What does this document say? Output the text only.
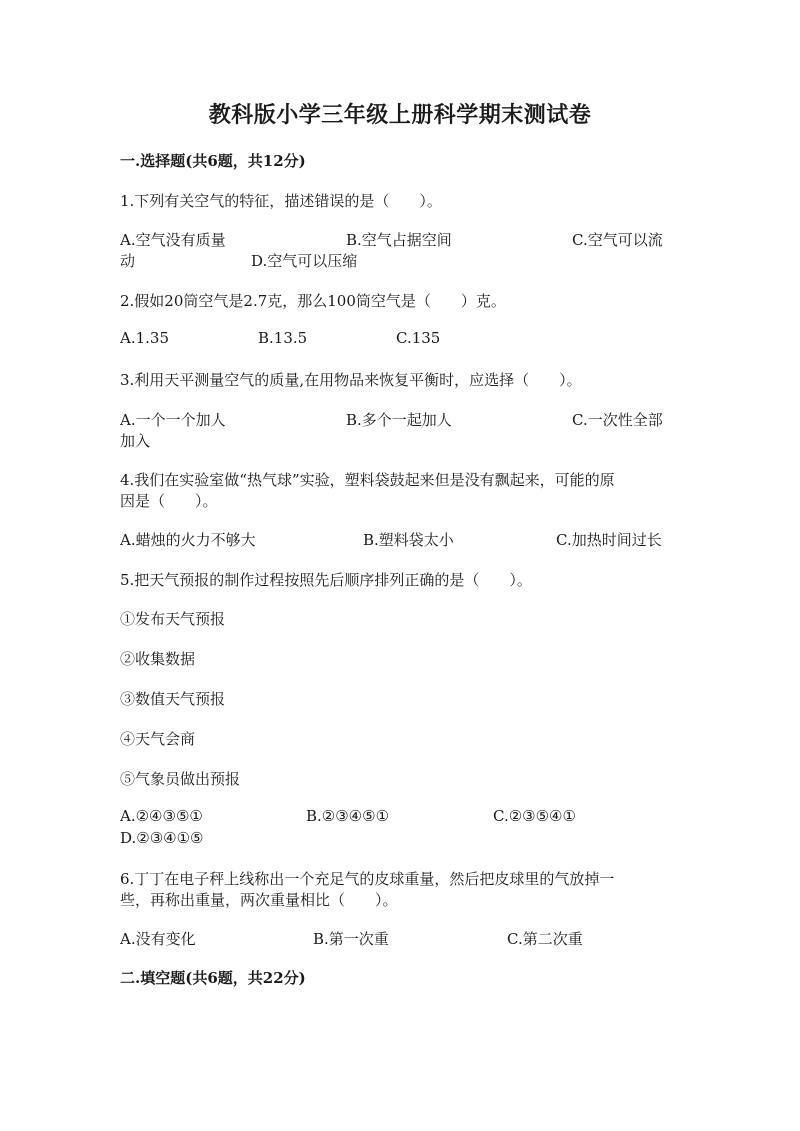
教科版小学三年级上册科学期末测试卷
一.选择题(共6题，共12分)
1.下列有关空气的特征，描述错误的是（　　）。
A.空气没有质量	B.空气占据空间	C.空气可以流
动	D.空气可以压缩
2.假如20筒空气是2.7克，那么100筒空气是（　　）克。
A.1.35	B.13.5	C.135
3.利用天平测量空气的质量,在用物品来恢复平衡时，应选择（　　）。
A.一个一个加人	B.多个一起加人	C.一次性全部
加入
4.我们在实验室做“热气球”实验，塑料袋鼓起来但是没有飘起来，可能的原
因是（　　）。
A.蜡烛的火力不够大	B.塑料袋太小	C.加热时间过长
5.把天气预报的制作过程按照先后顺序排列正确的是（　　）。
①发布天气预报
②收集数据
③数值天气预报
④天气会商
⑤气象员做出预报
A.②④③⑤①	B.②③④⑤①	C.②③⑤④①
D.②③④①⑤
6.丁丁在电子秤上线称出一个充足气的皮球重量，然后把皮球里的气放掉一
些，再称出重量，两次重量相比（　　）。
A.没有变化	B.第一次重	C.第二次重
二.填空题(共6题，共22分)
